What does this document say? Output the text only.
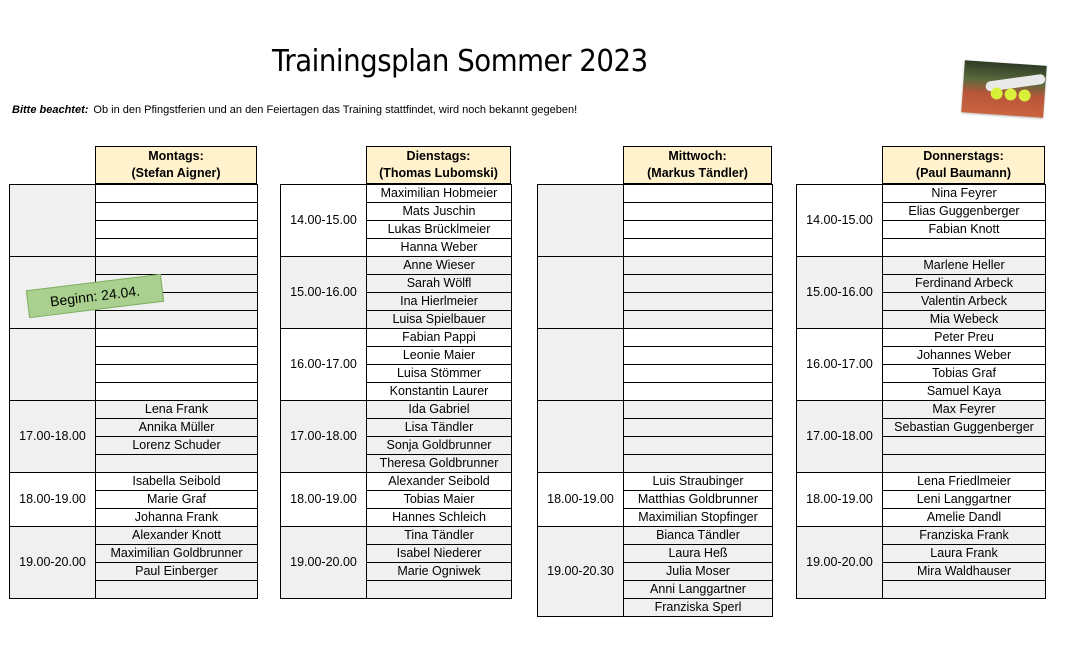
Trainingsplan Sommer 2023
Bitte beachtet: Ob in den Pfingstferien und an den Feiertagen das Training stattfindet, wird noch bekannt gegeben!
Montags:
(Stefan Aigner)

17.00-18.00	Lena Frank
	Annika Müller
	Lorenz Schuder

18.00-19.00	Isabella Seibold
	Marie Graf
	Johanna Frank
19.00-20.00	Alexander Knott
	Maximilian Goldbrunner
	Paul Einberger

Dienstags:
(Thomas Lubomski)
14.00-15.00	Maximilian Hobmeier
	Mats Juschin
	Lukas Brücklmeier
	Hanna Weber
15.00-16.00	Anne Wieser
	Sarah Wölfl
	Ina Hierlmeier
	Luisa Spielbauer
16.00-17.00	Fabian Pappi
	Leonie Maier
	Luisa Stömmer
	Konstantin Laurer
17.00-18.00	Ida Gabriel
	Lisa Tändler
	Sonja Goldbrunner
	Theresa Goldbrunner
18.00-19.00	Alexander Seibold
	Tobias Maier
	Hannes Schleich
19.00-20.00	Tina Tändler
	Isabel Niederer
	Marie Ogniwek

Mittwoch:
(Markus Tändler)

18.00-19.00	Luis Straubinger
	Matthias Goldbrunner
	Maximilian Stopfinger
19.00-20.30	Bianca Tändler
	Laura Heß
	Julia Moser
	Anni Langgartner
	Franziska Sperl
Donnerstags:
(Paul Baumann)
14.00-15.00	Nina Feyrer
	Elias Guggenberger
	Fabian Knott

15.00-16.00	Marlene Heller
	Ferdinand Arbeck
	Valentin Arbeck
	Mia Webeck
16.00-17.00	Peter Preu
	Johannes Weber
	Tobias Graf
	Samuel Kaya
17.00-18.00	Max Feyrer
	Sebastian Guggenberger

18.00-19.00	Lena Friedlmeier
	Leni Langgartner
	Amelie Dandl
19.00-20.00	Franziska Frank
	Laura Frank
	Mira Waldhauser

Beginn: 24.04.
